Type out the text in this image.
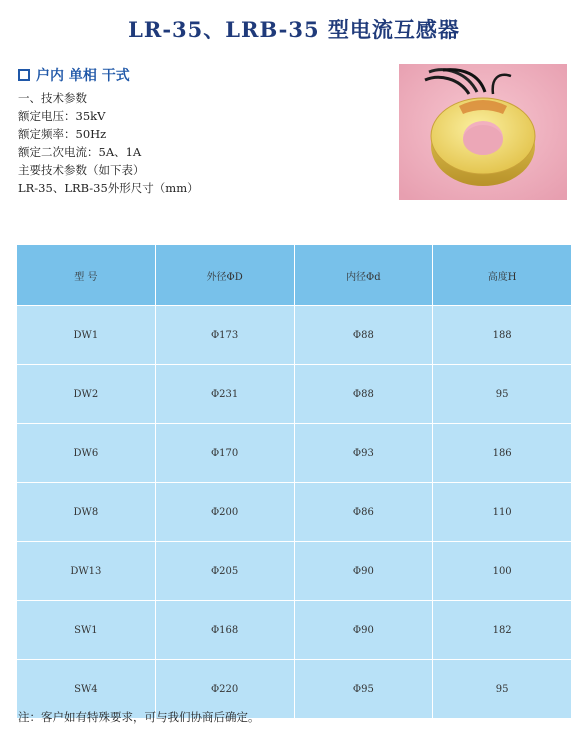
LR-35、LRB-35 型电流互感器
户内 单相 干式
一、技术参数
额定电压：35kV
额定频率：50Hz
额定二次电流：5A、1A
主要技术参数（如下表）
LR-35、LRB-35外形尺寸（mm）
型 号	外径ΦD	内径Φd	高度H
DW1	Φ173	Φ88	188
DW2	Φ231	Φ88	95
DW6	Φ170	Φ93	186
DW8	Φ200	Φ86	110
DW13	Φ205	Φ90	100
SW1	Φ168	Φ90	182
SW4	Φ220	Φ95	95
注：客户如有特殊要求，可与我们协商后确定。
